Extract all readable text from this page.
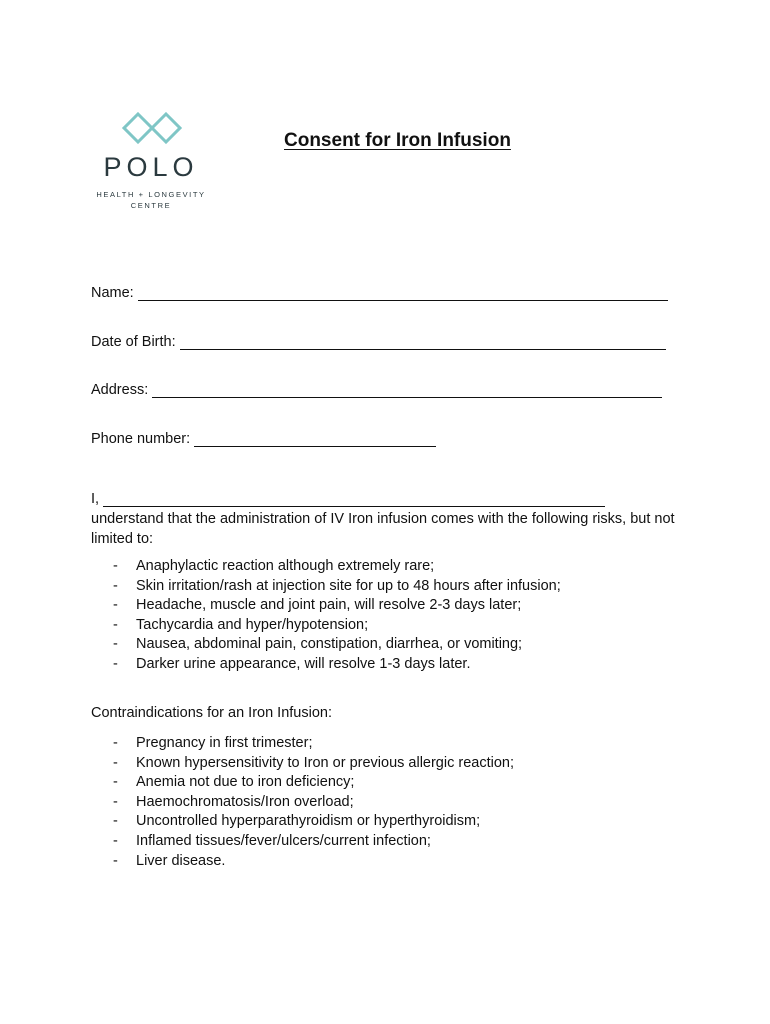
POLO
HEALTH + LONGEVITY
CENTRE
Consent for Iron Infusion
Name:
Date of Birth:
Address:
Phone number:
I,
understand that the administration of IV Iron infusion comes with the following risks, but not limited to:
- Anaphylactic reaction although extremely rare;
- Skin irritation/rash at injection site for up to 48 hours after infusion;
- Headache, muscle and joint pain, will resolve 2-3 days later;
- Tachycardia and hyper/hypotension;
- Nausea, abdominal pain, constipation, diarrhea, or vomiting;
- Darker urine appearance, will resolve 1-3 days later.
Contraindications for an Iron Infusion:
- Pregnancy in first trimester;
- Known hypersensitivity to Iron or previous allergic reaction;
- Anemia not due to iron deficiency;
- Haemochromatosis/Iron overload;
- Uncontrolled hyperparathyroidism or hyperthyroidism;
- Inflamed tissues/fever/ulcers/current infection;
- Liver disease.
